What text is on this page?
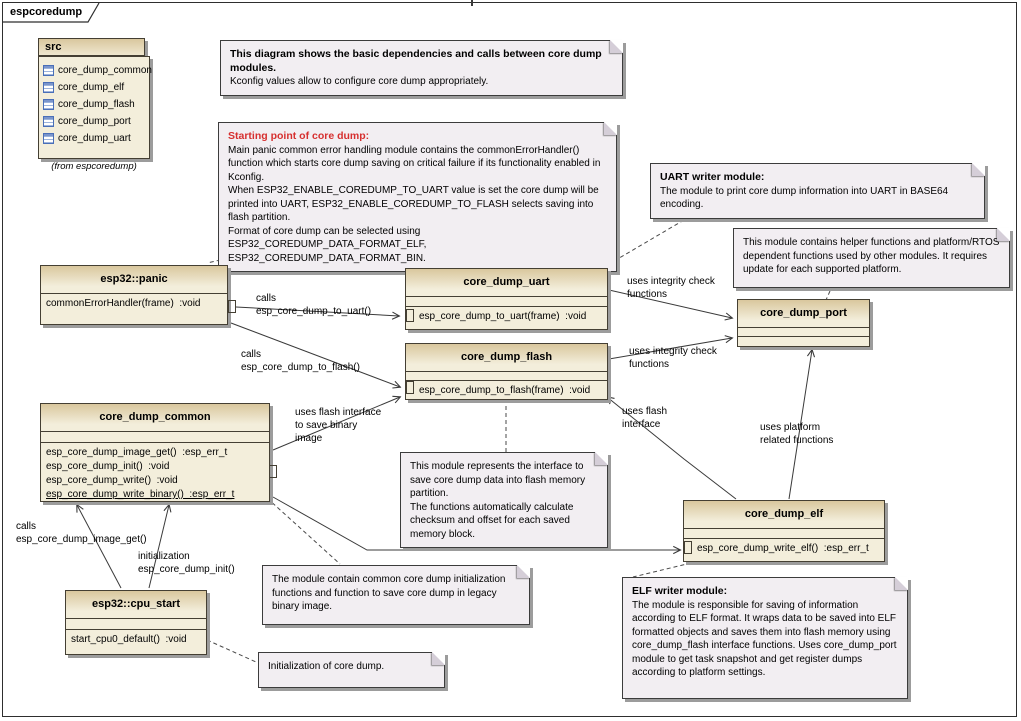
espcoredump
src
core_dump_common
core_dump_elf
core_dump_flash
core_dump_port
core_dump_uart
(from espcoredump)
This diagram shows the basic dependencies and calls between core dump modules.
Kconfig values allow to configure core dump appropriately.
Starting point of core dump:
Main panic common error handling module contains the commonErrorHandler() function which starts core dump saving on critical failure if its functionality enabled in Kconfig.
When ESP32_ENABLE_COREDUMP_TO_UART value is set the core dump will be printed into UART, ESP32_ENABLE_COREDUMP_TO_FLASH selects saving into flash partition.
Format of core dump can be selected using ESP32_COREDUMP_DATA_FORMAT_ELF, ESP32_COREDUMP_DATA_FORMAT_BIN.
UART writer module:
The module to print core dump information into UART in BASE64 encoding.
This module contains helper functions and platform/RTOS dependent functions used by other modules. It requires update for each supported platform.
This module represents the interface to save core dump data into flash memory partition.
The functions automatically calculate checksum and offset for each saved memory block.
The module contain common core dump initialization functions and function to save core dump in legacy binary image.
Initialization of core dump.
ELF writer module:
The module is responsible for saving of information according to ELF format. It wraps data to be saved into ELF formatted objects and saves them into flash memory using core_dump_flash interface functions. Uses core_dump_port module to get task snapshot and get register dumps according to platform settings.
esp32::panic
commonErrorHandler(frame)  :void
core_dump_uart
esp_core_dump_to_uart(frame)  :void
core_dump_flash
esp_core_dump_to_flash(frame)  :void
core_dump_port
core_dump_common
esp_core_dump_image_get()  :esp_err_t
esp_core_dump_init()  :void
esp_core_dump_write()  :void
esp_core_dump_write_binary()  :esp_err_t
core_dump_elf
esp_core_dump_write_elf()  :esp_err_t
esp32::cpu_start
start_cpu0_default()  :void
calls
esp_core_dump_to_uart()
calls
esp_core_dump_to_flash()
uses integrity check
functions
uses integrity check
functions
uses flash interface
to save binary
image
uses flash
interface	uses platform
related functions
calls
esp_core_dump_image_get()
initialization
esp_core_dump_init()
